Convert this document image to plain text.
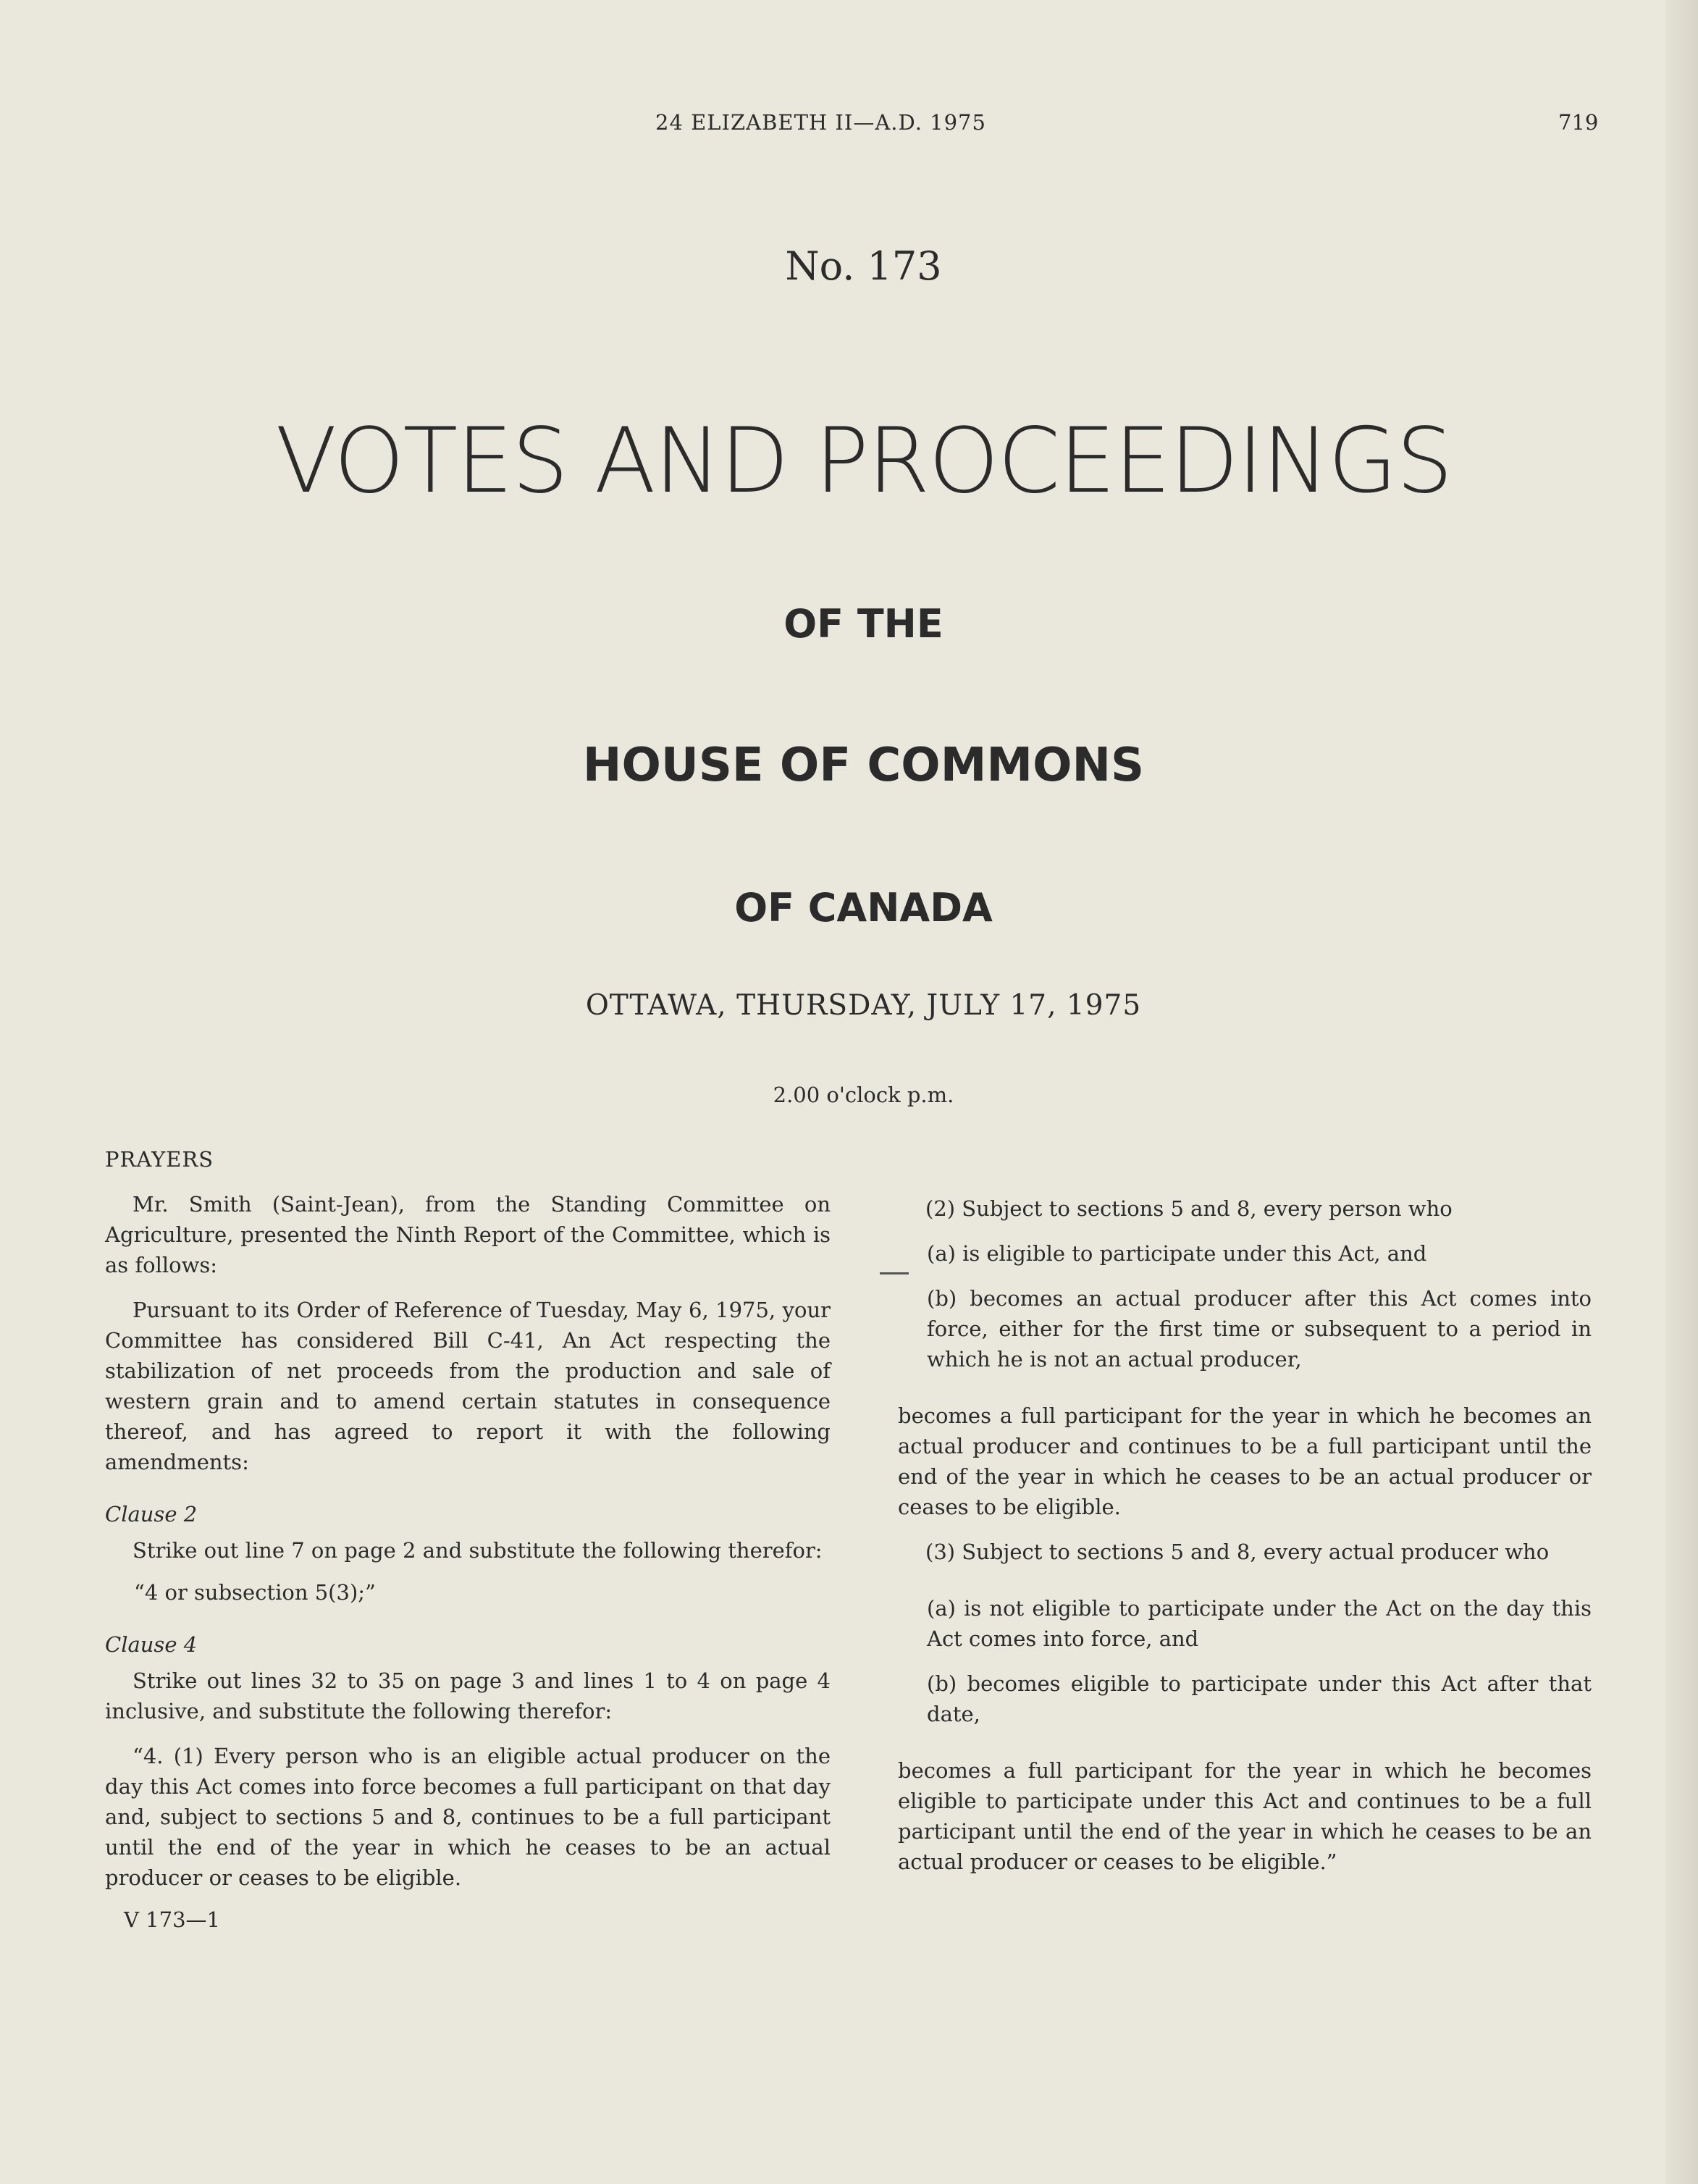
24 ELIZABETH II—A.D. 1975	719
No. 173
VOTES AND PROCEEDINGS
OF THE
HOUSE OF COMMONS
OF CANADA
OTTAWA, THURSDAY, JULY 17, 1975
2.00 o'clock p.m.

PRAYERS

Mr. Smith (Saint-Jean), from the Standing Committee on Agriculture, presented the Ninth Report of the Committee, which is as follows:

Pursuant to its Order of Reference of Tuesday, May 6, 1975, your Committee has considered Bill C-41, An Act respecting the stabilization of net proceeds from the production and sale of western grain and to amend certain statutes in consequence thereof, and has agreed to report it with the following amendments:

Clause 2

Strike out line 7 on page 2 and substitute the following therefor:

“4 or subsection 5(3);”

Clause 4

Strike out lines 32 to 35 on page 3 and lines 1 to 4 on page 4 inclusive, and substitute the following therefor:

“4. (1) Every person who is an eligible actual producer on the day this Act comes into force becomes a full participant on that day and, subject to sections 5 and 8, continues to be a full participant until the end of the year in which he ceases to be an actual producer or ceases to be eligible.

V 173—1

(2) Subject to sections 5 and 8, every person who

(a) is eligible to participate under this Act, and

(b) becomes an actual producer after this Act comes into force, either for the first time or subsequent to a period in which he is not an actual producer,

becomes a full participant for the year in which he becomes an actual producer and continues to be a full participant until the end of the year in which he ceases to be an actual producer or ceases to be eligible.

(3) Subject to sections 5 and 8, every actual producer who

(a) is not eligible to participate under the Act on the day this Act comes into force, and

(b) becomes eligible to participate under this Act after that date,

becomes a full participant for the year in which he becomes eligible to participate under this Act and continues to be a full participant until the end of the year in which he ceases to be an actual producer or ceases to be eligible.”
